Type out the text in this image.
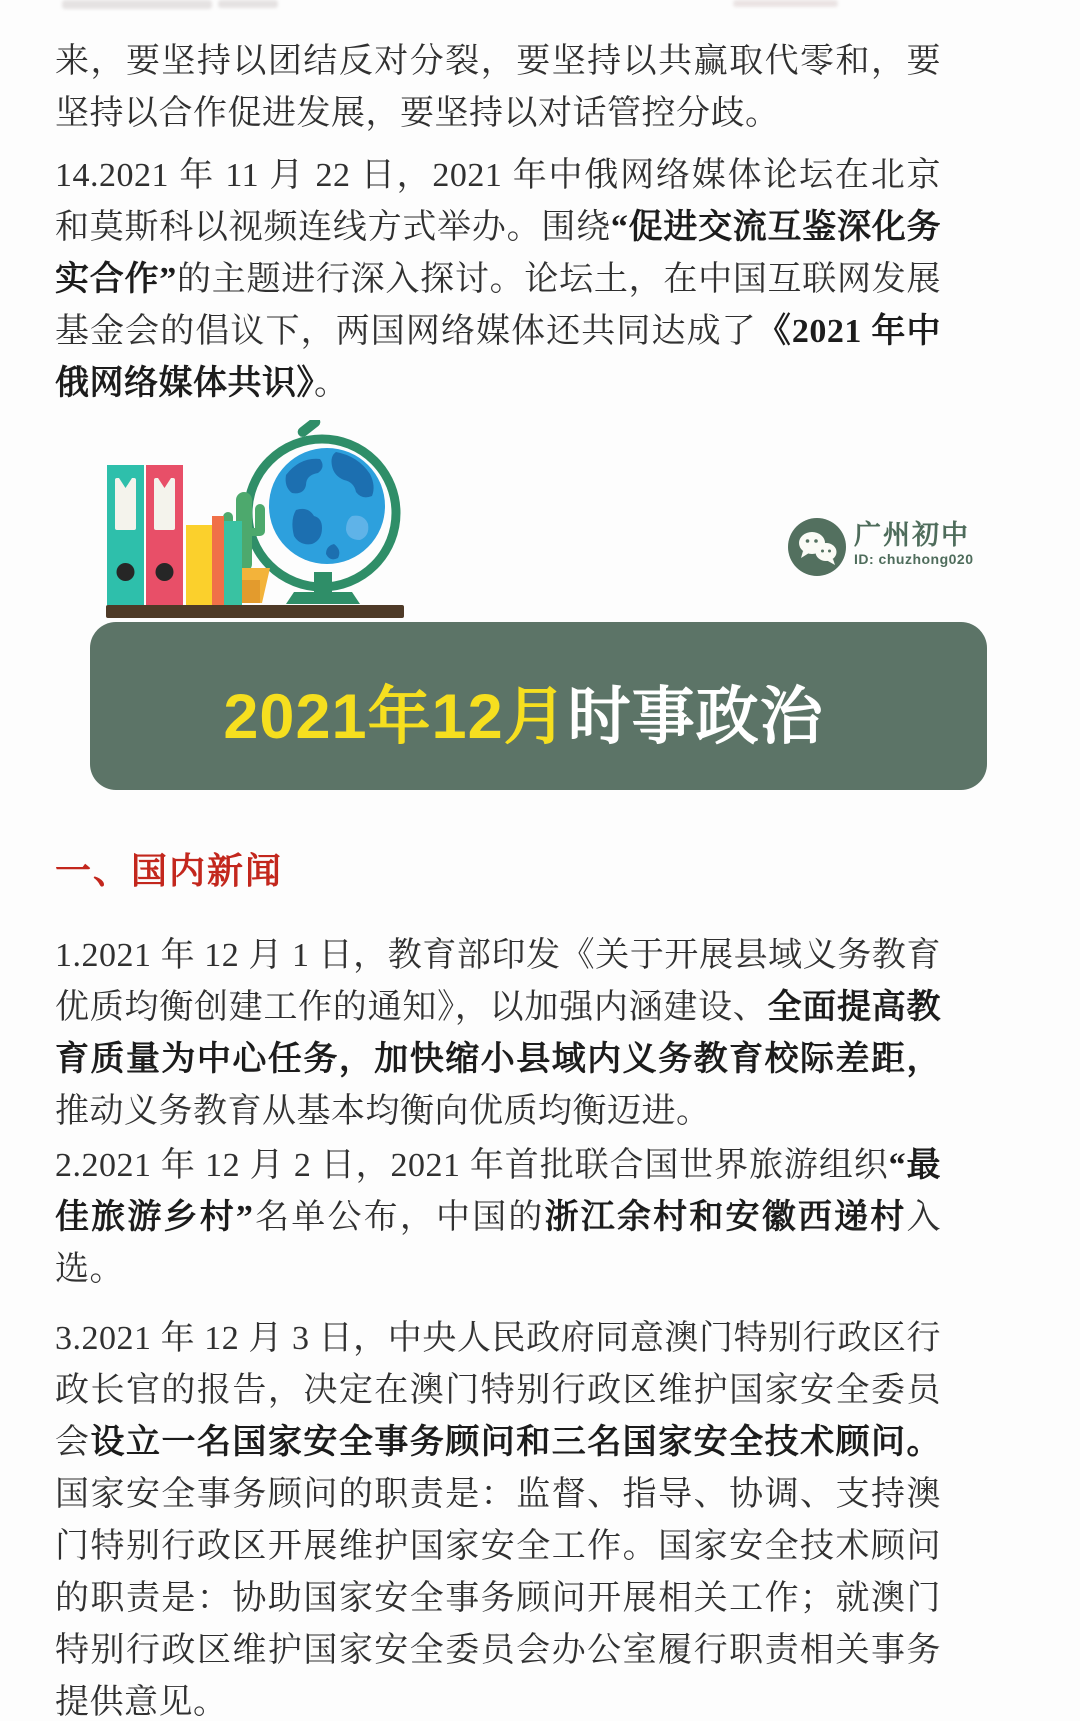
来，要坚持以团结反对分裂，要坚持以共赢取代零和，要坚持以合作促进发展，要坚持以对话管控分歧。

14.2021 年 11 月 22 日，2021 年中俄网络媒体论坛在北京和莫斯科以视频连线方式举办。围绕“促进交流互鉴深化务实合作”的主题进行深入探讨。论坛土，在中国互联网发展基金会的倡议下，两国网络媒体还共同达成了《2021 年中俄网络媒体共识》。

广州初中
ID: chuzhong020
2021年12月时事政治
一、国内新闻

1.2021 年 12 月 1 日，教育部印发《关于开展县域义务教育优质均衡创建工作的通知》，以加强内涵建设、全面提高教育质量为中心任务，加快缩小县域内义务教育校际差距，推动义务教育从基本均衡向优质均衡迈进。

2.2021 年 12 月 2 日，2021 年首批联合国世界旅游组织“最佳旅游乡村”名单公布，中国的浙江余村和安徽西递村入选。

3.2021 年 12 月 3 日，中央人民政府同意澳门特别行政区行政长官的报告，决定在澳门特别行政区维护国家安全委员会设立一名国家安全事务顾问和三名国家安全技术顾问。国家安全事务顾问的职责是：监督、指导、协调、支持澳门特别行政区开展维护国家安全工作。国家安全技术顾问的职责是：协助国家安全事务顾问开展相关工作；就澳门特别行政区维护国家安全委员会办公室履行职责相关事务提供意见。
